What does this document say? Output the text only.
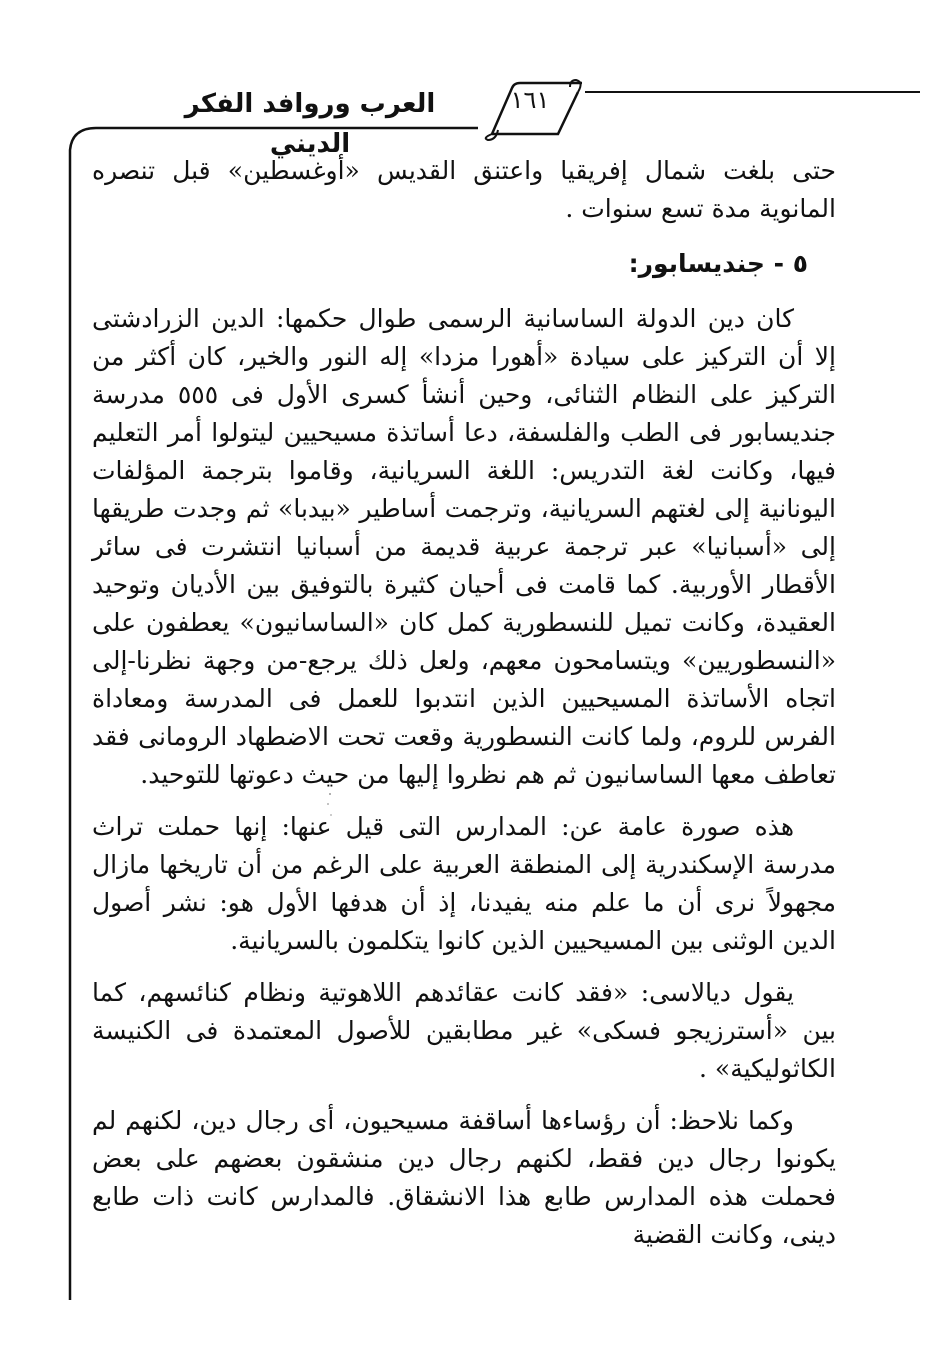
١٦١
العرب وروافد الفكر الديني

حتى بلغت شمال إفريقيا واعتنق القديس «أوغسطين» قبل تنصره المانوية مدة تسع سنوات .

٥ - جنديسابور:

كان دين الدولة الساسانية الرسمى طوال حكمها: الدين الزرادشتى إلا أن التركيز على سيادة «أهورا مزدا» إله النور والخير، كان أكثر من التركيز على النظام الثنائى، وحين أنشأ كسرى الأول فى ٥٥٥ مدرسة جنديسابور فى الطب والفلسفة، دعا أساتذة مسيحيين ليتولوا أمر التعليم فيها، وكانت لغة التدريس: اللغة السريانية، وقاموا بترجمة المؤلفات اليونانية إلى لغتهم السريانية، وترجمت أساطير «بيدبا» ثم وجدت طريقها إلى «أسبانيا» عبر ترجمة عربية قديمة من أسبانيا انتشرت فى سائر الأقطار الأوربية. كما قامت فى أحيان كثيرة بالتوفيق بين الأديان وتوحيد العقيدة، وكانت تميل للنسطورية كمل كان «الساسانيون» يعطفون على «النسطوريين» ويتسامحون معهم، ولعل ذلك يرجع-من وجهة نظرنا-إلى اتجاه الأساتذة المسيحيين الذين انتدبوا للعمل فى المدرسة ومعاداة الفرس للروم، ولما كانت النسطورية وقعت تحت الاضطهاد الرومانى فقد تعاطف معها الساسانيون ثم هم نظروا إليها من حيث دعوتها للتوحيد.

هذه صورة عامة عن: المدارس التى قيل عنها: إنها حملت تراث مدرسة الإسكندرية إلى المنطقة العربية على الرغم من أن تاريخها مازال مجهولاً نرى أن ما علم منه يفيدنا، إذ أن هدفها الأول هو: نشر أصول الدين الوثنى بين المسيحيين الذين كانوا يتكلمون بالسريانية.

يقول ديالاسى: «فقد كانت عقائدهم اللاهوتية ونظام كنائسهم، كما بين «أسترزيجو فسكى» غير مطابقين للأصول المعتمدة فى الكنيسة الكاثوليكية» .

وكما نلاحظ: أن رؤساءها أساقفة مسيحيون، أى رجال دين، لكنهم لم يكونوا رجال دين فقط، لكنهم رجال دين منشقون بعضهم على بعض فحملت هذه المدارس طابع هذا الانشقاق. فالمدارس كانت ذات طابع دينى، وكانت القضية
